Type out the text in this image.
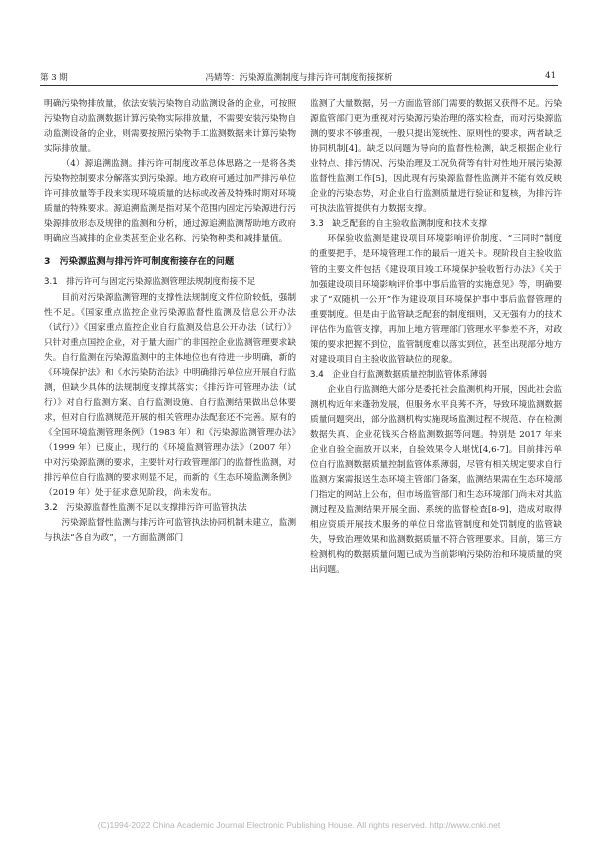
第 3 期	冯婧等：污染源监测制度与排污许可制度衔接探析	41

明确污染物排放量，依法安装污染物自动监测设备的企业，可按照污染物自动监测数据计算污染物实际排放量，不需要安装污染物自动监测设备的企业，则需要按照污染物手工监测数据来计算污染物实际排放量。

（4）源追溯监测。排污许可制度改革总体思路之一是将各类污染物控制要求分解落实到污染源。地方政府可通过加严排污单位许可排放量等手段来实现环境质量的达标或改善及特殊时期对环境质量的特殊要求。源追溯监测是指对某个范围内固定污染源进行污染源排放形态及规律的监测和分析，通过源追溯监测帮助地方政府明确应当减排的企业类甚至企业名称、污染物种类和减排量值。

3　污染源监测与排污许可制度衔接存在的问题
3.1　排污许可与固定污染源监测管理法规制度衔接不足

目前对污染源监测管理的支撑性法规制度文件位阶较低，强制性不足。《国家重点监控企业污染源监督性监测及信息公开办法（试行）》《国家重点监控企业自行监测及信息公开办法（试行）》只针对重点国控企业，对于量大面广的非国控企业监测管理要求缺失。自行监测在污染源监测中的主体地位也有待进一步明确，新的《环境保护法》和《水污染防治法》中明确排污单位应开展自行监测，但缺少具体的法规制度支撑其落实；《排污许可管理办法（试行）》对自行监测方案、自行监测设施、自行监测结果做出总体要求，但对自行监测规范开展的相关管理办法配套还不完善。原有的《全国环境监测管理条例》（1983 年）和《污染源监测管理办法》（1999 年）已废止，现行的《环境监测管理办法》（2007 年）中对污染源监测的要求，主要针对行政管理部门的监督性监测，对排污单位自行监测的要求则显不足，而新的《生态环境监测条例》（2019 年）处于征求意见阶段，尚未发布。

3.2　污染源监督性监测不足以支撑排污许可监管执法

污染源监督性监测与排污许可监管执法协同机制未建立，监测与执法“各自为政”，一方面监测部门

监测了大量数据，另一方面监管部门需要的数据又获得不足。污染源监管部门更为重视对污染源污染治理的落实检查，而对污染源监测的要求不够重视，一般只提出笼统性、原则性的要求，两者缺乏协同机制[4]。缺乏以问题为导向的监督性检测，缺乏根据企业行业特点、排污情况、污染治理及工况负荷等有针对性地开展污染源监督性监测工作[5]，因此现有污染源监督性监测并不能有效反映企业的污染态势，对企业自行监测质量进行验证和复核，为排污许可执法监管提供有力数据支撑。

3.3　缺乏配套的自主验收监测制度和技术支撑

环保验收监测是建设项目环境影响评价制度、“三同时”制度的重要把手，是环境管理工作的最后一道关卡。现阶段自主验收监管的主要文件包括《建设项目竣工环境保护验收暂行办法》《关于加强建设项目环境影响评价事中事后监管的实施意见》等，明确要求了“双随机一公开”作为建设项目环境保护事中事后监督管理的重要制度。但是由于监管缺乏配套的制度细则，又无强有力的技术评估作为监管支撑，再加上地方管理部门管理水平参差不齐，对政策的要求把握不到位，监管制度难以落实到位，甚至出现部分地方对建设项目自主验收监管缺位的现象。

3.4　企业自行监测数据质量控制监管体系薄弱

企业自行监测绝大部分是委托社会监测机构开展，因此社会监测机构近年来蓬勃发展，但服务水平良莠不齐，导致环境监测数据质量问题突出，部分监测机构实施现场监测过程不规范、存在检测数据失真、企业花钱买合格监测数据等问题。特别是 2017 年来企业自验全面放开以来，自验效果令人堪忧[4,6-7]。目前排污单位自行监测数据质量控制监管体系薄弱，尽管有相关规定要求自行监测方案需报送生态环境主管部门备案，监测结果需在生态环境部门指定的网站上公布，但市场监管部门和生态环境部门尚未对其监测过程及监测结果开展全面、系统的监督检查[8-9]，造成对取得相应资质开展技术服务的单位日常监管制度和处罚制度的监管缺失，导致治理效果和监测数据质量不符合管理要求。目前，第三方检测机构的数据质量问题已成为当前影响污染防治和环境质量的突出问题。

(C)1994-2022 China Academic Journal Electronic Publishing House. All rights reserved. http://www.cnki.net
